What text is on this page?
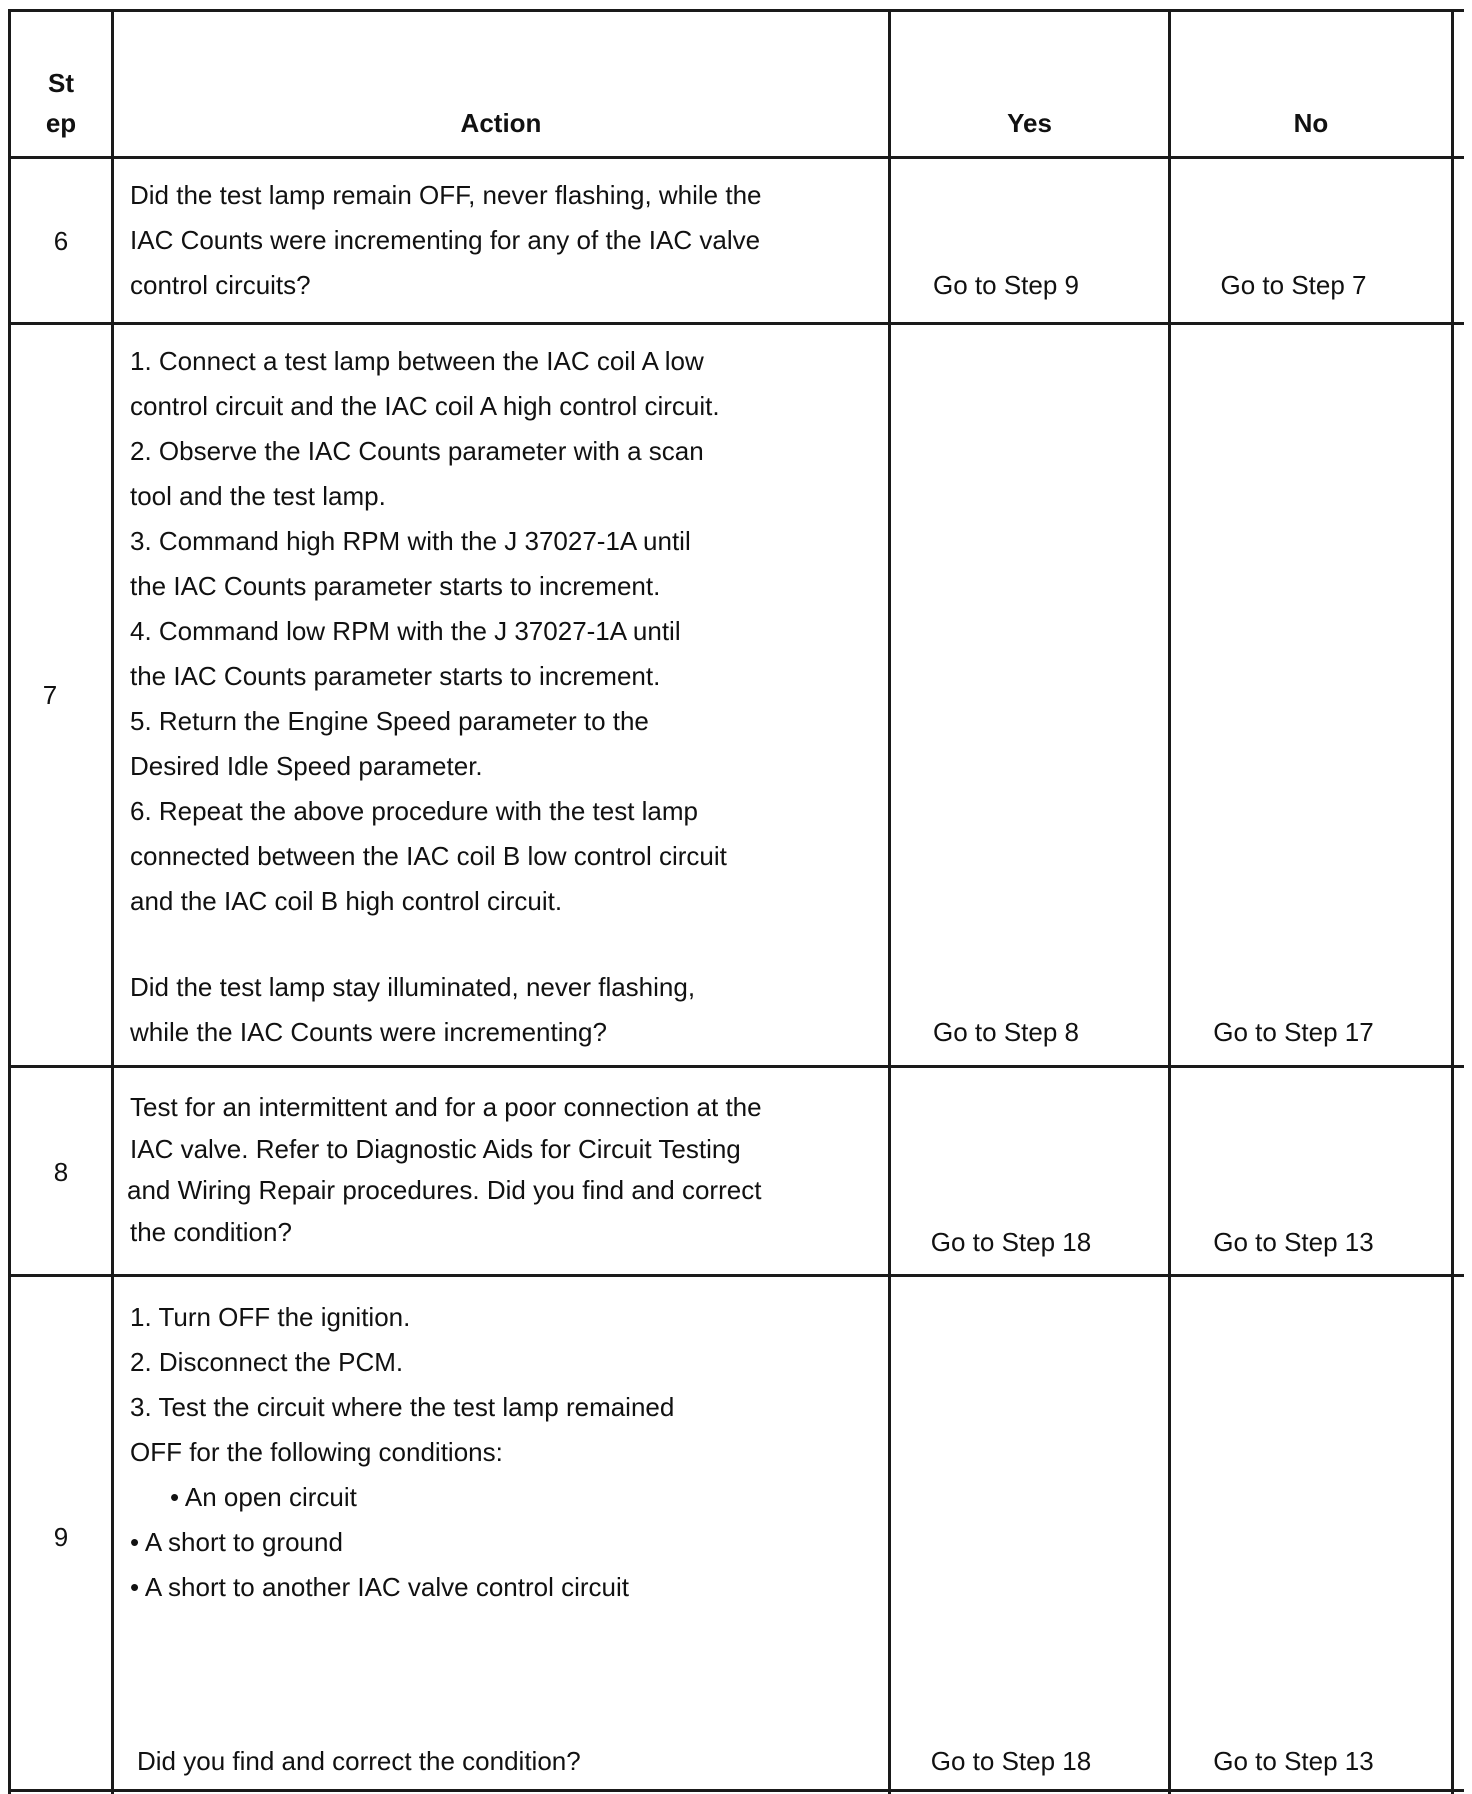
St
ep	Action	Yes	No
6
Did the test lamp remain OFF, never flashing, while the
IAC Counts were incrementing for any of the IAC valve
control circuits?	Go to Step 9	Go to Step 7
7
1. Connect a test lamp between the IAC coil A low
control circuit and the IAC coil A high control circuit.
2. Observe the IAC Counts parameter with a scan
tool and the test lamp.
3. Command high RPM with the J 37027-1A until
the IAC Counts parameter starts to increment.
4. Command low RPM with the J 37027-1A until
the IAC Counts parameter starts to increment.
5. Return the Engine Speed parameter to the
Desired Idle Speed parameter.
6. Repeat the above procedure with the test lamp
connected between the IAC coil B low control circuit
and the IAC coil B high control circuit.
Did the test lamp stay illuminated, never flashing,
while the IAC Counts were incrementing?	Go to Step 8	Go to Step 17
8
Test for an intermittent and for a poor connection at the
IAC valve. Refer to Diagnostic Aids for Circuit Testing
and Wiring Repair procedures. Did you find and correct
the condition?	Go to Step 18	Go to Step 13
9
1. Turn OFF the ignition.
2. Disconnect the PCM.
3. Test the circuit where the test lamp remained
OFF for the following conditions:
• An open circuit
• A short to ground
• A short to another IAC valve control circuit
Did you find and correct the condition?	Go to Step 18	Go to Step 13
